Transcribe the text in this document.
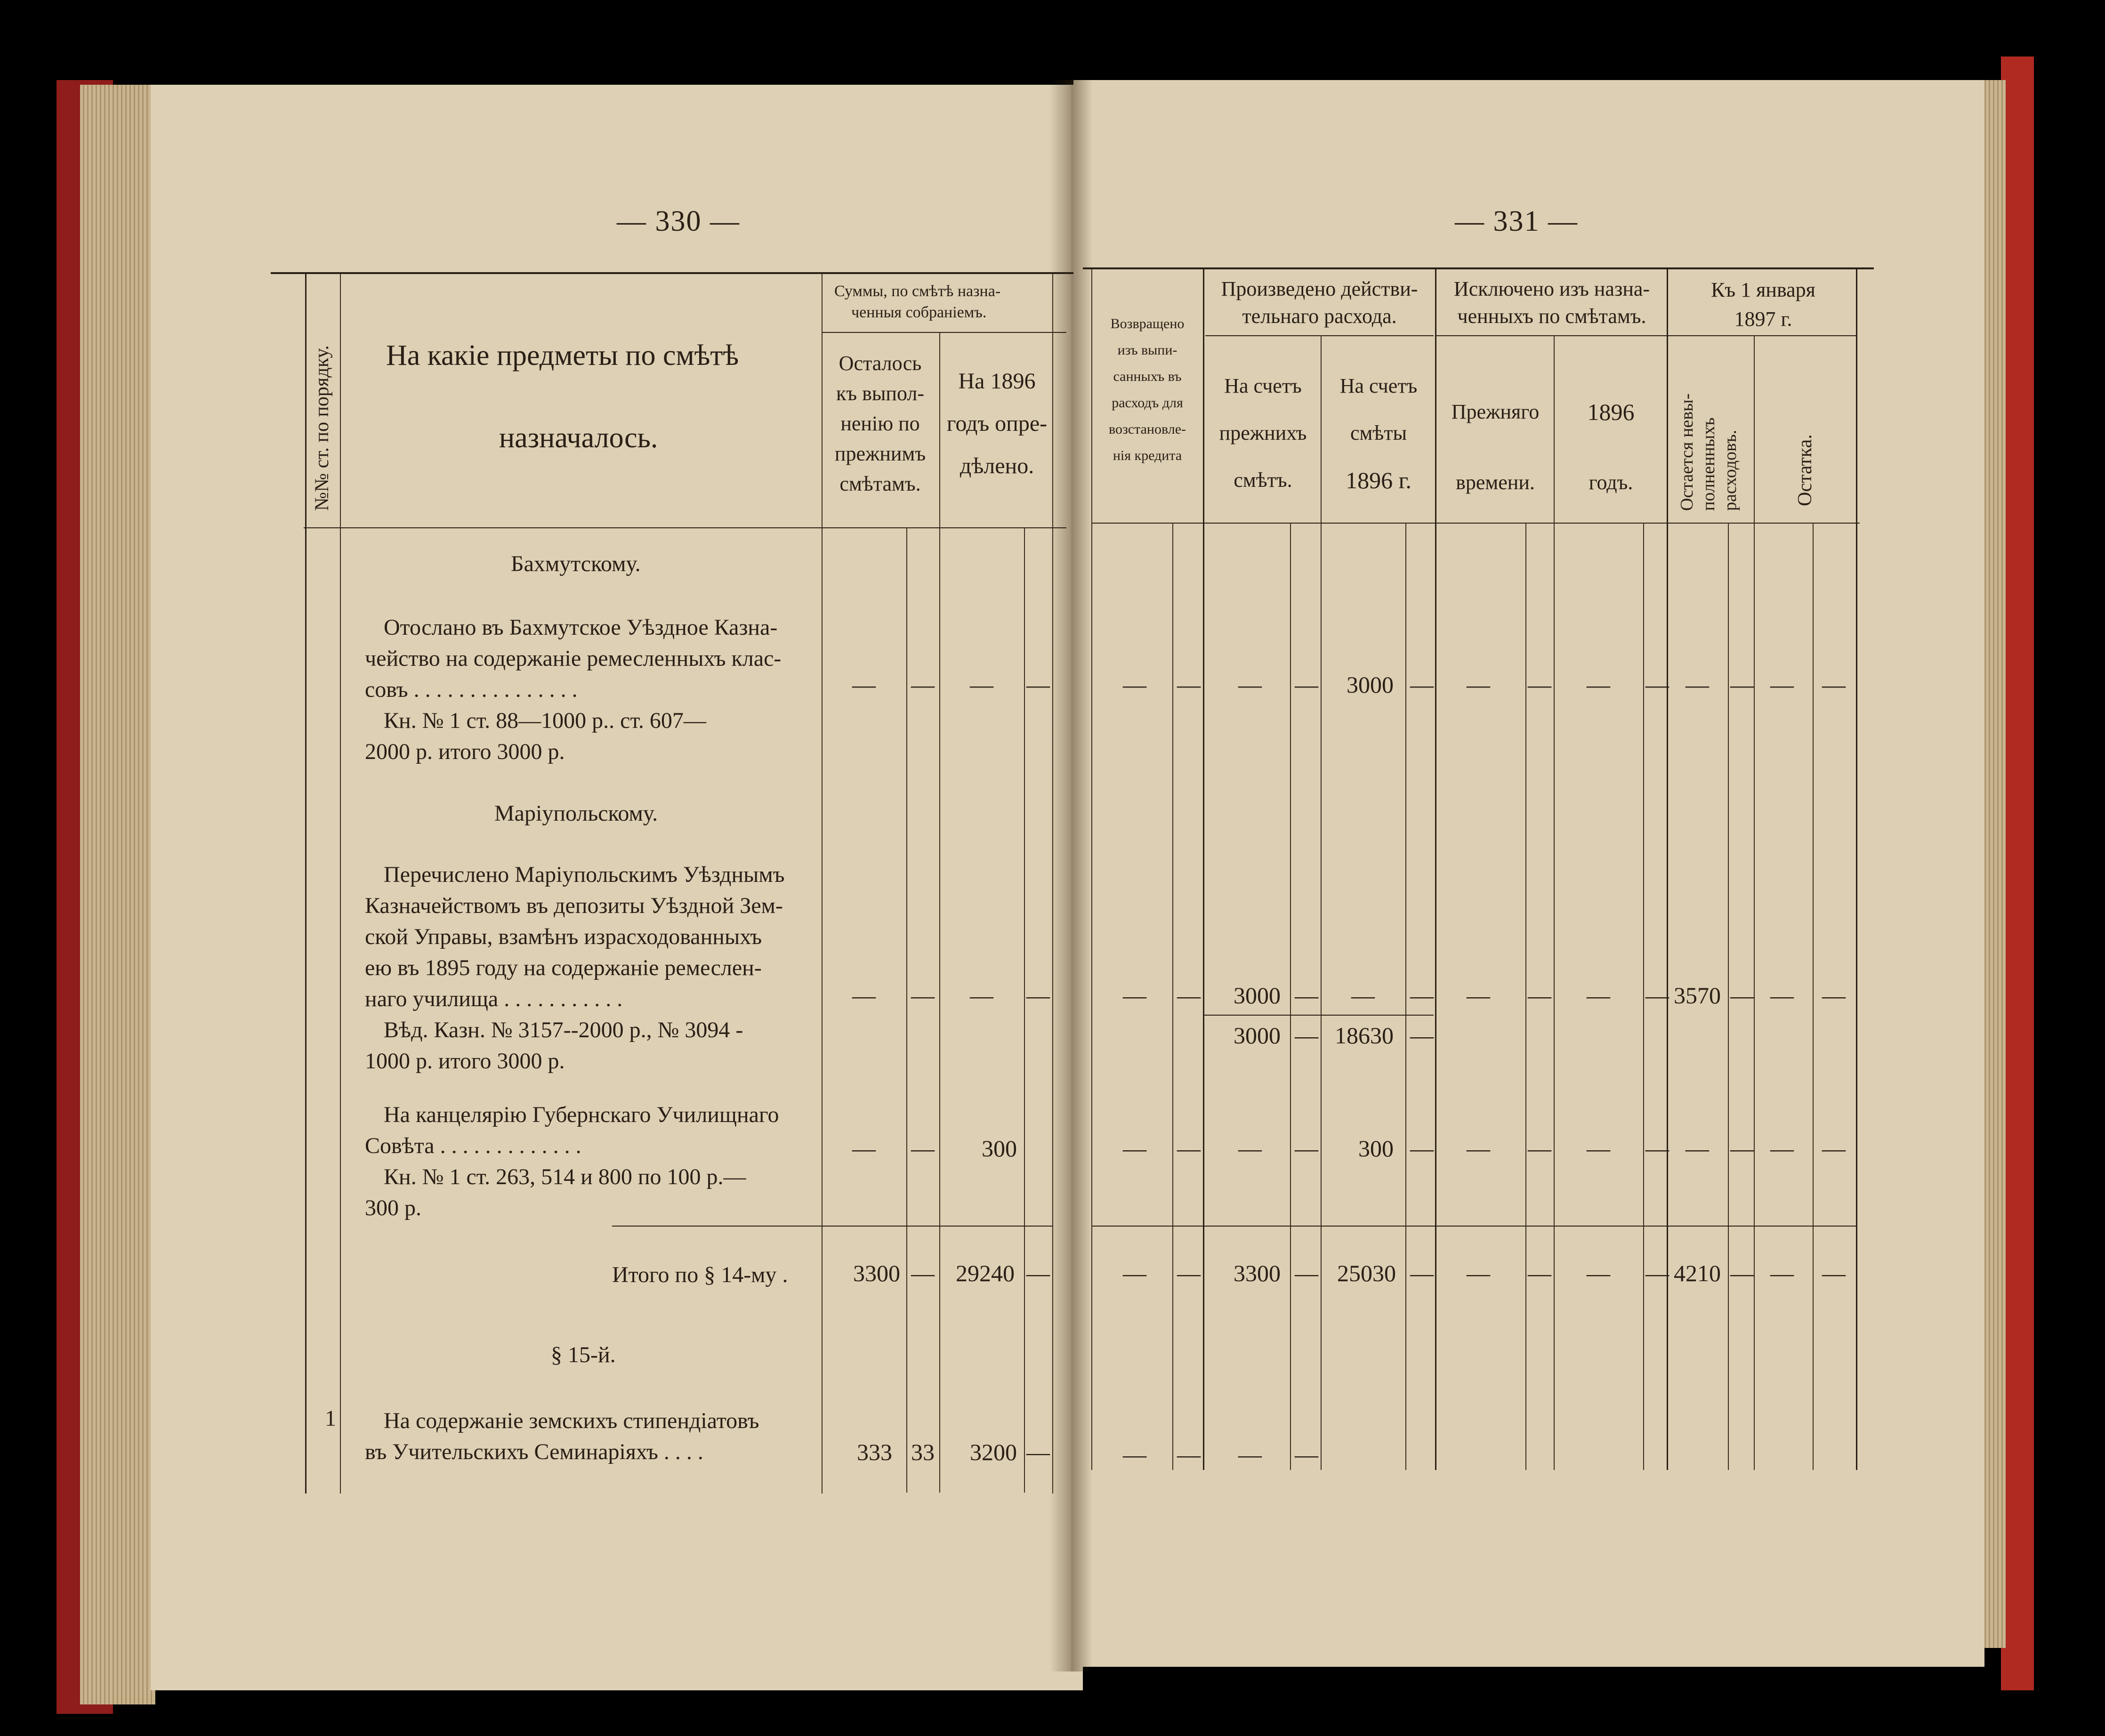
— 330 —
№№ ст. по порядку. На какіе предметы по смѣтѣ
назначалось.
Суммы, по смѣтѣ назна-
ченныя собраніемъ.
Осталось
къ выпол-
ненію по
прежнимъ
смѣтамъ.
На 1896
годъ опре-
дѣлено.
Бахмутскому.
Отослано въ Бахмутское Уѣздное Казна-
чейство на содержаніе ремесленныхъ клас-
совъ . . . . . . . . . . . . . . .
Кн. № 1 ст. 88—1000 р.. ст. 607—
2000 р. итого 3000 р.
Маріупольскому.
Перечислено Маріупольскимъ Уѣзднымъ
Казначействомъ въ депозиты Уѣздной Зем-
ской Управы, взамѣнъ израсходованныхъ
ею въ 1895 году на содержаніе ремеслен-
наго училища . . . . . . . . . . .
Вѣд. Казн. № 3157--2000 р., № 3094 -
1000 р. итого 3000 р.
На канцелярію Губернскаго Училищнаго
Совѣта . . . . . . . . . . . . .
Кн. № 1 ст. 263, 514 и 800 по 100 р.—
300 р.
Итого по § 14-му .
§ 15-й.
1	На содержаніе земскихъ стипендіатовъ
въ Учительскихъ Семинаріяхъ . . . .
— — — —
— — — —
— — 300
3300 — 29240 —
333 33 3200 —
— 331 —
Возвращено
изъ выпи-
санныхъ въ
расходъ для
возстановле-
нія кредита
Произведено действи-
тельнаго расхода.
На счетъ
прежнихъ
смѣтъ.
На счетъ
смѣты
1896 г.
Исключено изъ назна-
ченныхъ по смѣтамъ.
Прежняго
времени.
1896
годъ.
Къ 1 января
1897 г.
Остается невы- полненныхъ расходовъ.	Остатка.
— — — — 3000 — — — — — — — — —
— — 3000 — — — — — — — 3570 — — —
3000 — 18630 —
— — — — 300 — — — — — — — — —
— — 3300 — 25030 — — — — — 4210 — — —
— — — —
